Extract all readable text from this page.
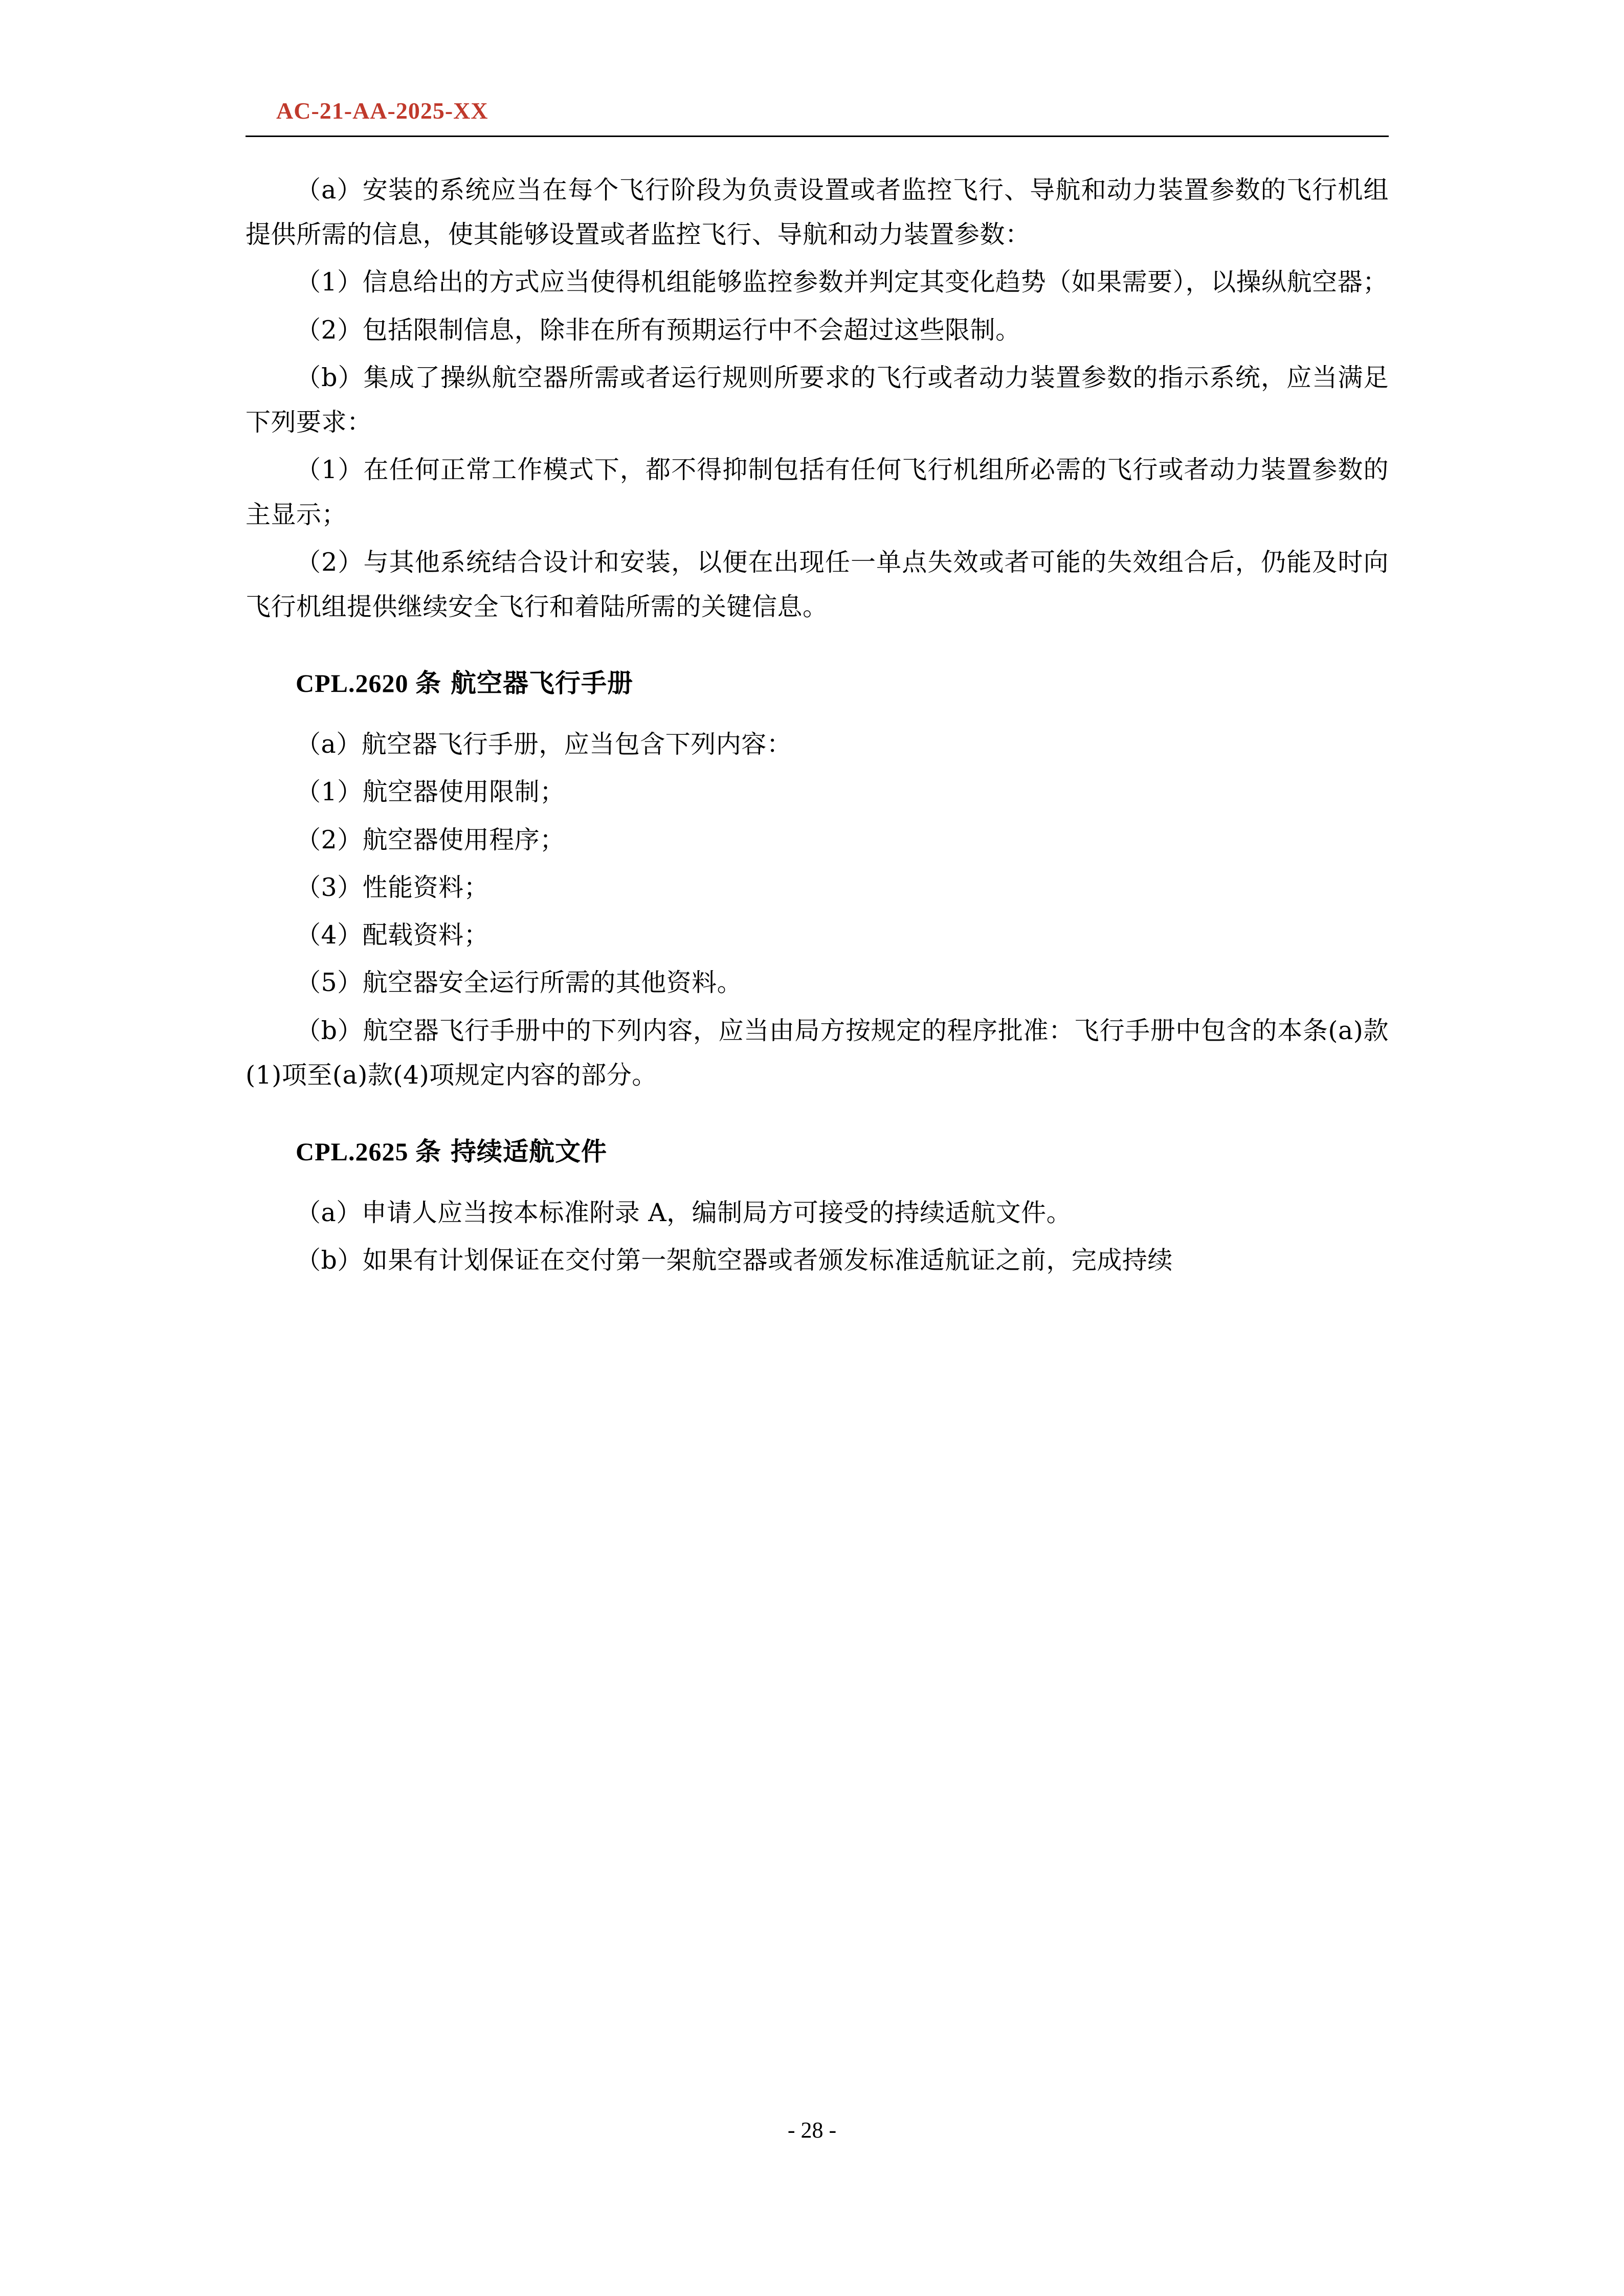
AC-21-AA-2025-XX

（a）安装的系统应当在每个飞行阶段为负责设置或者监控飞行、导航和动力装置参数的飞行机组提供所需的信息，使其能够设置或者监控飞行、导航和动力装置参数：

（1）信息给出的方式应当使得机组能够监控参数并判定其变化趋势（如果需要），以操纵航空器；

（2）包括限制信息，除非在所有预期运行中不会超过这些限制。

（b）集成了操纵航空器所需或者运行规则所要求的飞行或者动力装置参数的指示系统，应当满足下列要求：

（1）在任何正常工作模式下，都不得抑制包括有任何飞行机组所必需的飞行或者动力装置参数的主显示；

（2）与其他系统结合设计和安装，以便在出现任一单点失效或者可能的失效组合后，仍能及时向飞行机组提供继续安全飞行和着陆所需的关键信息。

CPL.2620 条 航空器飞行手册

（a）航空器飞行手册，应当包含下列内容：

（1）航空器使用限制；

（2）航空器使用程序；

（3）性能资料；

（4）配载资料；

（5）航空器安全运行所需的其他资料。

（b）航空器飞行手册中的下列内容，应当由局方按规定的程序批准：飞行手册中包含的本条(a)款(1)项至(a)款(4)项规定内容的部分。

CPL.2625 条 持续适航文件

（a）申请人应当按本标准附录 A，编制局方可接受的持续适航文件。

（b）如果有计划保证在交付第一架航空器或者颁发标准适航证之前，完成持续

- 28 -
